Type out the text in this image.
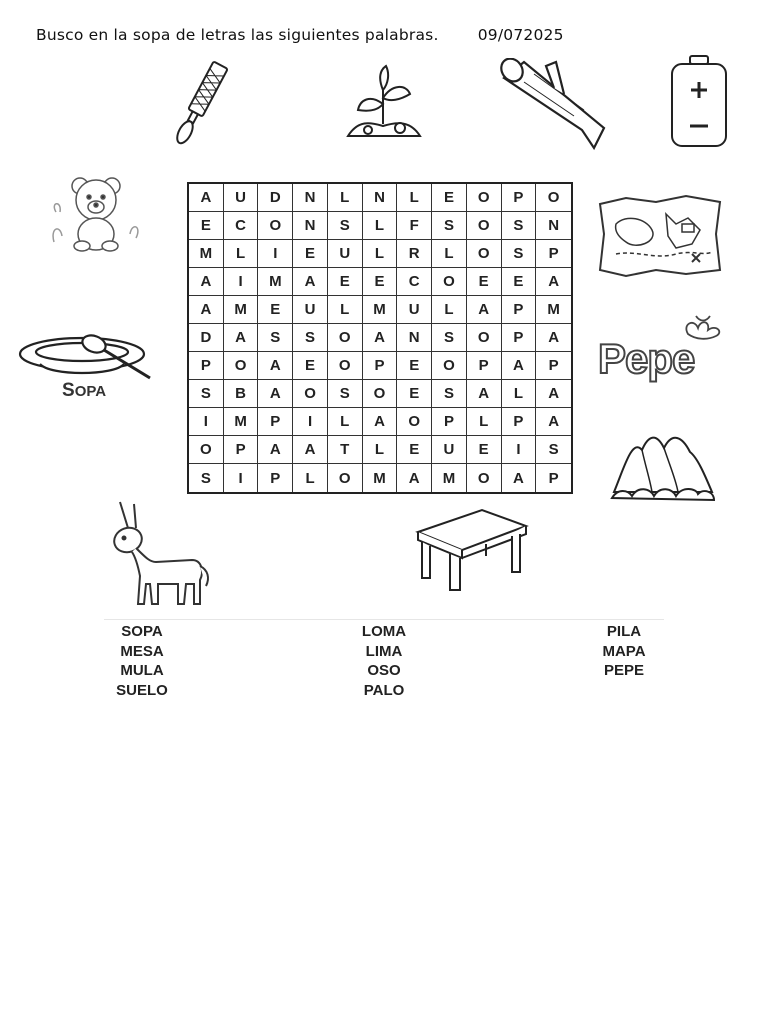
Busco en la sopa de letras las siguientes palabras.	09/072025
SOPA
Pepe
A	U	D	N	L	N	L	E	O	P	O
E	C	O	N	S	L	F	S	O	S	N
M	L	I	E	U	L	R	L	O	S	P
A	I	M	A	E	E	C	O	E	E	A
A	M	E	U	L	M	U	L	A	P	M
D	A	S	S	O	A	N	S	O	P	A
P	O	A	E	O	P	E	O	P	A	P
S	B	A	O	S	O	E	S	A	L	A
I	M	P	I	L	A	O	P	L	P	A
O	P	A	A	T	L	E	U	E	I	S
S	I	P	L	O	M	A	M	O	A	P
SOPA
MESA
MULA
SUELO
LOMA
LIMA
OSO
PALO
PILA
MAPA
PEPE
